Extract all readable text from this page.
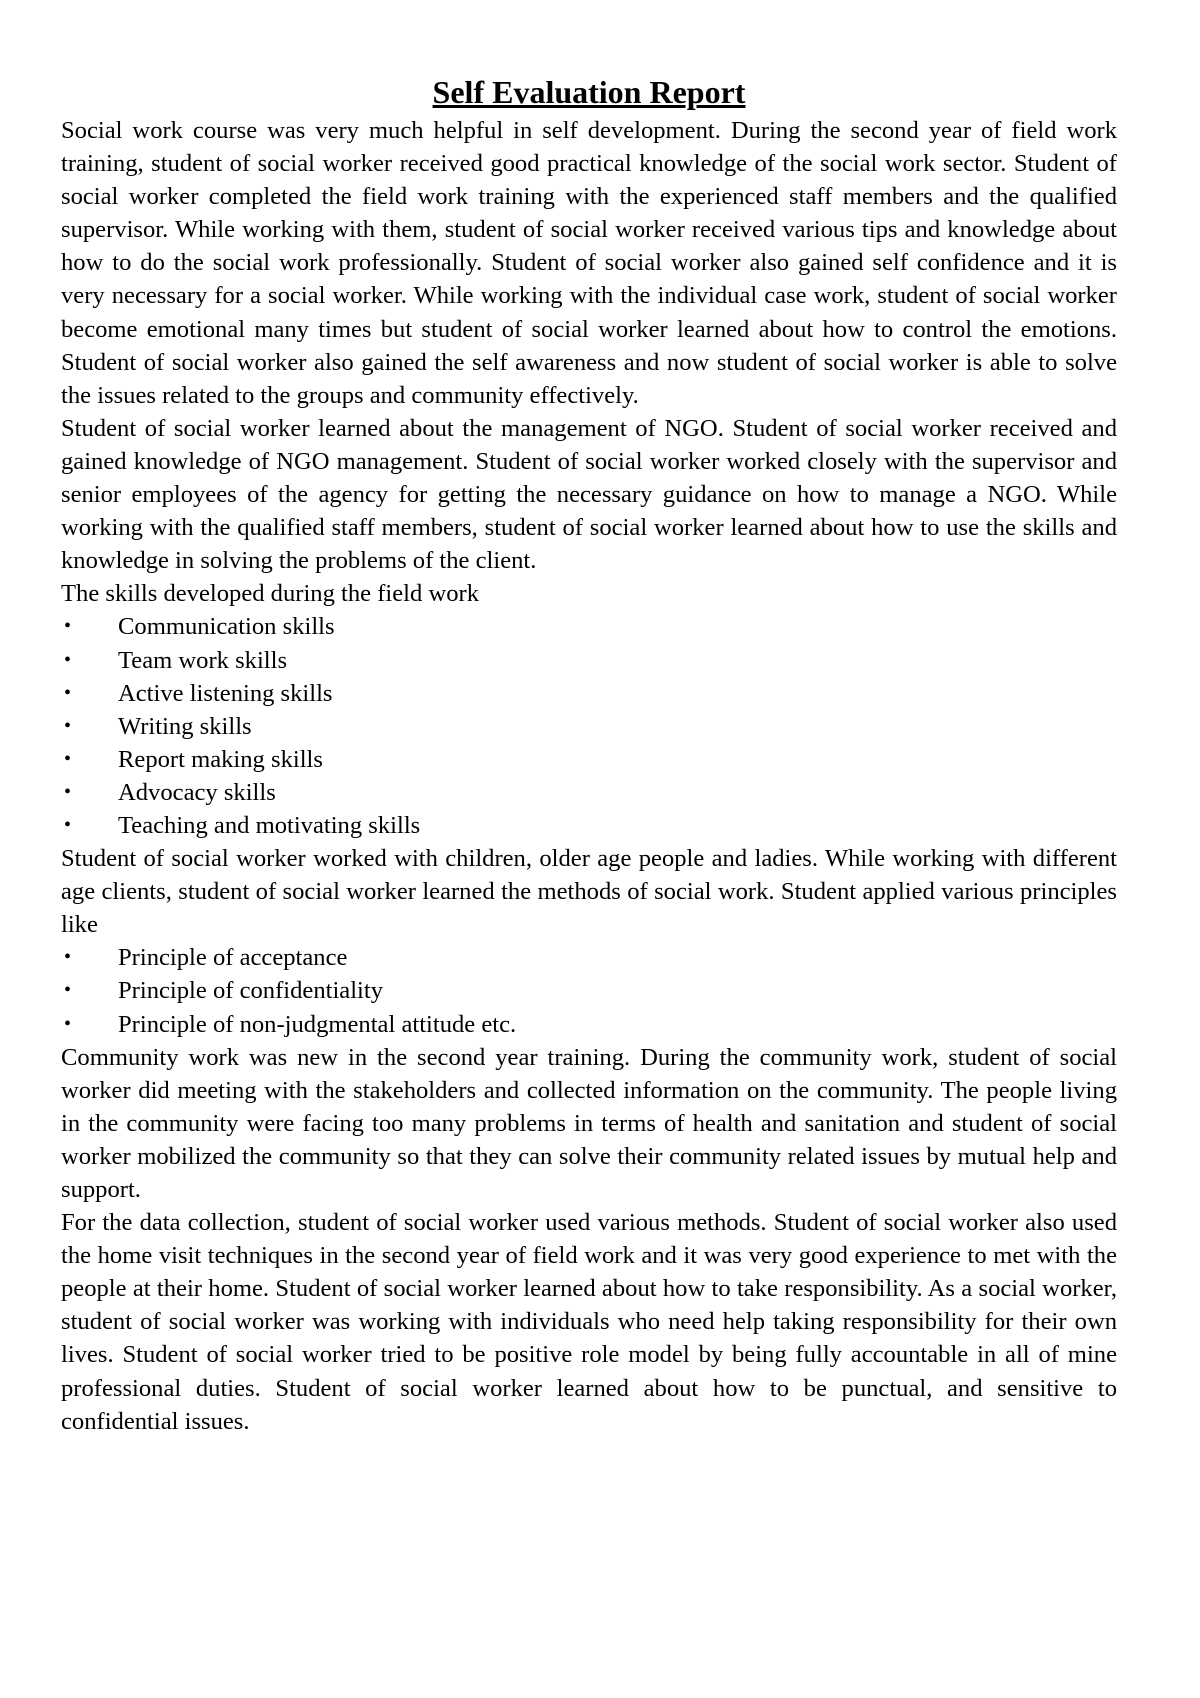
Self Evaluation Report

Social work course was very much helpful in self development. During the second year of field work training, student of social worker received good practical knowledge of the social work sector. Student of social worker completed the field work training with the experienced staff members and the qualified supervisor. While working with them, student of social worker received various tips and knowledge about how to do the social work professionally. Student of social worker also gained self confidence and it is very necessary for a social worker. While working with the individual case work, student of social worker become emotional many times but student of social worker learned about how to control the emotions. Student of social worker also gained the self awareness and now student of social worker is able to solve the issues related to the groups and community effectively.

Student of social worker learned about the management of NGO. Student of social worker received and gained knowledge of NGO management. Student of social worker worked closely with the supervisor and senior employees of the agency for getting the necessary guidance on how to manage a NGO. While working with the qualified staff members, student of social worker learned about how to use the skills and knowledge in solving the problems of the client.

The skills developed during the field work

• Communication skills
• Team work skills
• Active listening skills
• Writing skills
• Report making skills
• Advocacy skills
• Teaching and motivating skills

Student of social worker worked with children, older age people and ladies. While working with different age clients, student of social worker learned the methods of social work. Student applied various principles like

• Principle of acceptance
• Principle of confidentiality
• Principle of non-judgmental attitude etc.

Community work was new in the second year training. During the community work, student of social worker did meeting with the stakeholders and collected information on the community. The people living in the community were facing too many problems in terms of health and sanitation and student of social worker mobilized the community so that they can solve their community related issues by mutual help and support.

For the data collection, student of social worker used various methods. Student of social worker also used the home visit techniques in the second year of field work and it was very good experience to met with the people at their home. Student of social worker learned about how to take responsibility. As a social worker, student of social worker was working with individuals who need help taking responsibility for their own lives. Student of social worker tried to be positive role model by being fully accountable in all of mine professional duties. Student of social worker learned about how to be punctual, and sensitive to confidential issues.
